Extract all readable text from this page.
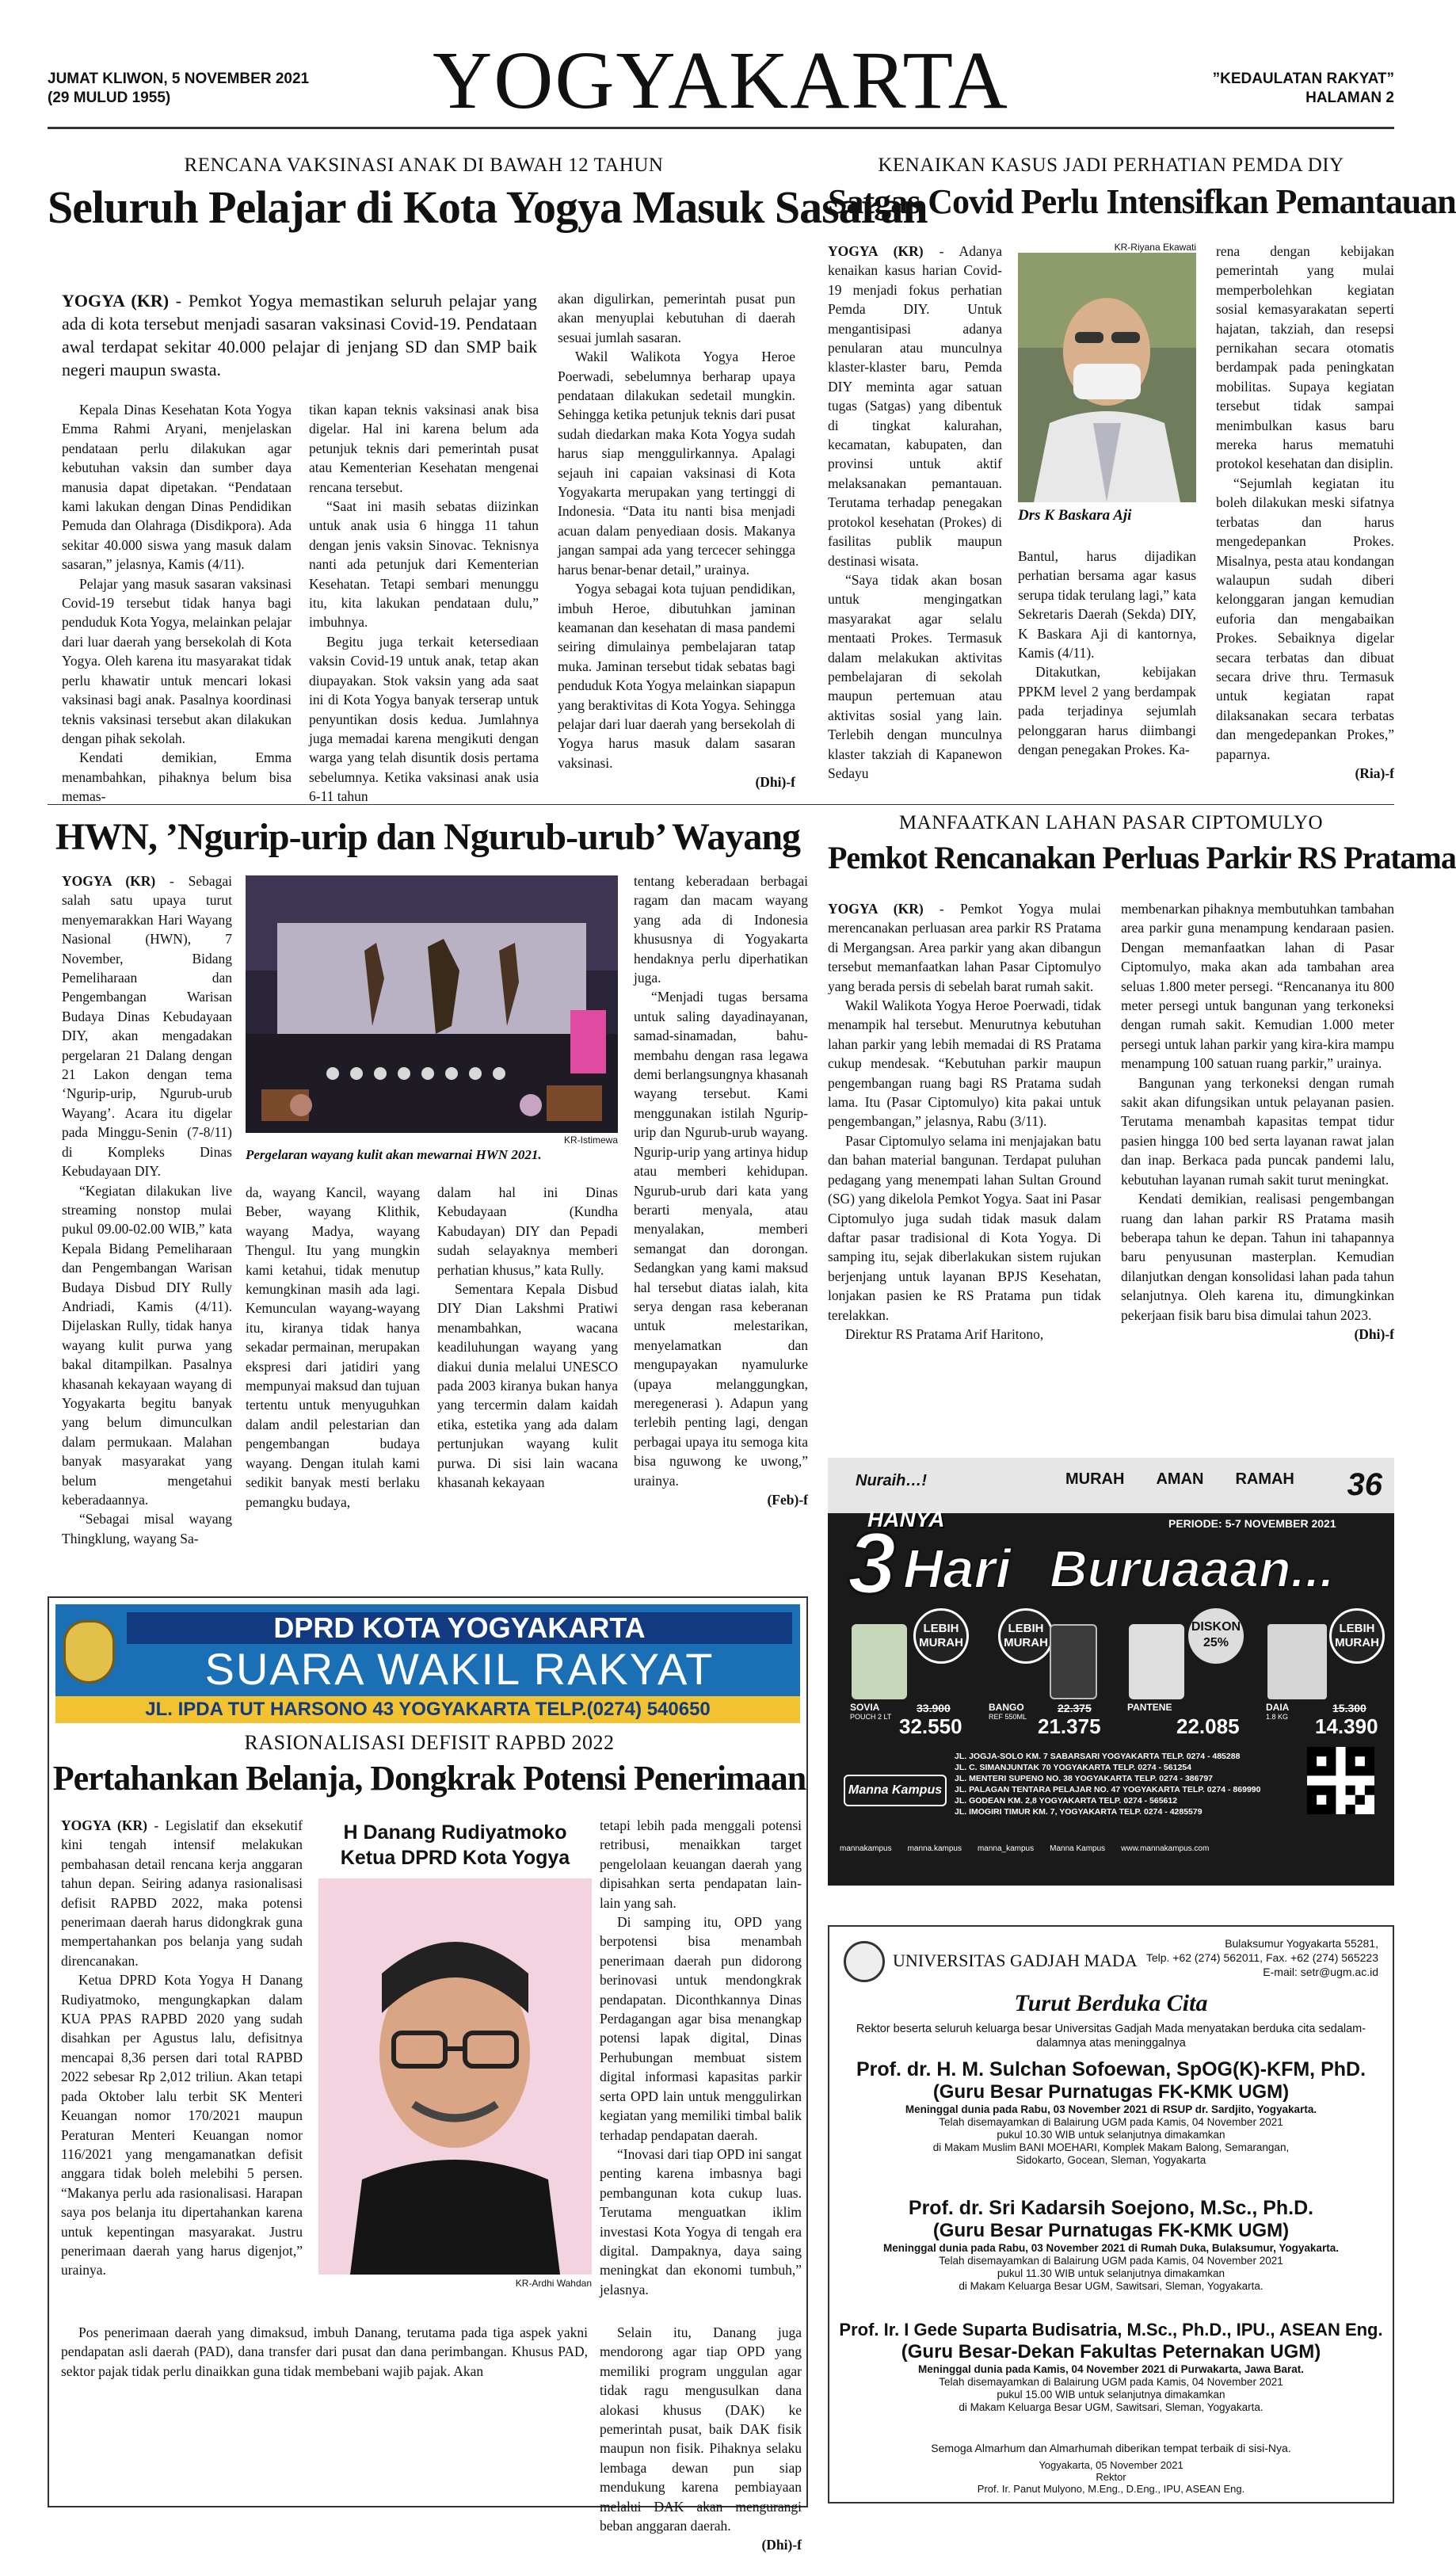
JUMAT KLIWON, 5 NOVEMBER 2021
(29 MULUD 1955)	YOGYAKARTA	”KEDAULATAN RAKYAT”
HALAMAN 2
RENCANA VAKSINASI ANAK DI BAWAH 12 TAHUN
Seluruh Pelajar di Kota Yogya Masuk Sasaran
YOGYA (KR) - Pemkot Yogya memastikan seluruh pelajar yang ada di kota tersebut menjadi sasaran vaksinasi Covid-19. Pendataan awal terdapat sekitar 40.000 pelajar di jenjang SD dan SMP baik negeri maupun swasta.

Kepala Dinas Kesehatan Kota Yogya Emma Rahmi Aryani, menjelaskan pendataan perlu dilakukan agar kebutuhan vaksin dan sumber daya manusia dapat dipetakan. “Pendataan kami lakukan dengan Dinas Pendidikan Pemuda dan Olahraga (Disdikpora). Ada sekitar 40.000 siswa yang masuk dalam sasaran,” jelasnya, Kamis (4/11).

Pelajar yang masuk sasaran vaksinasi Covid-19 tersebut tidak hanya bagi penduduk Kota Yogya, melainkan pelajar dari luar daerah yang bersekolah di Kota Yogya. Oleh karena itu masyarakat tidak perlu khawatir untuk mencari lokasi vaksinasi bagi anak. Pasalnya koordinasi teknis vaksinasi tersebut akan dilakukan dengan pihak sekolah.

Kendati demikian, Emma menambahkan, pihaknya belum bisa memas-

tikan kapan teknis vaksinasi anak bisa digelar. Hal ini karena belum ada petunjuk teknis dari pemerintah pusat atau Kementerian Kesehatan mengenai rencana tersebut.

“Saat ini masih sebatas diizinkan untuk anak usia 6 hingga 11 tahun dengan jenis vaksin Sinovac. Teknisnya nanti ada petunjuk dari Kementerian Kesehatan. Tetapi sembari menunggu itu, kita lakukan pendataan dulu,” imbuhnya.

Begitu juga terkait ketersediaan vaksin Covid-19 untuk anak, tetap akan diupayakan. Stok vaksin yang ada saat ini di Kota Yogya banyak terserap untuk penyuntikan dosis kedua. Jumlahnya juga memadai karena mengikuti dengan warga yang telah disuntik dosis pertama sebelumnya. Ketika vaksinasi anak usia 6-11 tahun

akan digulirkan, pemerintah pusat pun akan menyuplai kebutuhan di daerah sesuai jumlah sasaran.

Wakil Walikota Yogya Heroe Poerwadi, sebelumnya berharap upaya pendataan dilakukan sedetail mungkin. Sehingga ketika petunjuk teknis dari pusat sudah diedarkan maka Kota Yogya sudah harus siap menggulirkannya. Apalagi sejauh ini capaian vaksinasi di Kota Yogyakarta merupakan yang tertinggi di Indonesia. “Data itu nanti bisa menjadi acuan dalam penyediaan dosis. Makanya jangan sampai ada yang tercecer sehingga harus benar-benar detail,” urainya.

Yogya sebagai kota tujuan pendidikan, imbuh Heroe, dibutuhkan jaminan keamanan dan kesehatan di masa pandemi seiring dimulainya pembelajaran tatap muka. Jaminan tersebut tidak sebatas bagi penduduk Kota Yogya melainkan siapapun yang beraktivitas di Kota Yogya. Sehingga pelajar dari luar daerah yang bersekolah di Yogya harus masuk dalam sasaran vaksinasi.

(Dhi)-f
KENAIKAN KASUS JADI PERHATIAN PEMDA DIY
Satgas Covid Perlu Intensifkan Pemantauan

YOGYA (KR) - Adanya kenaikan kasus harian Covid-19 menjadi fokus perhatian Pemda DIY. Untuk mengantisipasi adanya penularan atau munculnya klaster-klaster baru, Pemda DIY meminta agar satuan tugas (Satgas) yang dibentuk di tingkat kalurahan, kecamatan, kabupaten, dan provinsi untuk aktif melaksanakan pemantauan. Terutama terhadap penegakan protokol kesehatan (Prokes) di fasilitas publik maupun destinasi wisata.

“Saya tidak akan bosan untuk mengingatkan masyarakat agar selalu mentaati Prokes. Termasuk dalam melakukan aktivitas pembelajaran di sekolah maupun pertemuan atau aktivitas sosial yang lain. Terlebih dengan munculnya klaster takziah di Kapanewon Sedayu

KR-Riyana Ekawati
Drs K Baskara Aji

Bantul, harus dijadikan perhatian bersama agar kasus serupa tidak terulang lagi,” kata Sekretaris Daerah (Sekda) DIY, K Baskara Aji di kantornya, Kamis (4/11).

Ditakutkan, kebijakan PPKM level 2 yang berdampak pada terjadinya sejumlah pelonggaran harus diimbangi dengan penegakan Prokes. Ka-

rena dengan kebijakan pemerintah yang mulai memperbolehkan kegiatan sosial kemasyarakatan seperti hajatan, takziah, dan resepsi pernikahan secara otomatis berdampak pada peningkatan mobilitas. Supaya kegiatan tersebut tidak sampai menimbulkan kasus baru mereka harus mematuhi protokol kesehatan dan disiplin.

“Sejumlah kegiatan itu boleh dilakukan meski sifatnya terbatas dan harus mengedepankan Prokes. Misalnya, pesta atau kondangan walaupun sudah diberi kelonggaran jangan kemudian euforia dan mengabaikan Prokes. Sebaiknya digelar secara terbatas dan dibuat secara drive thru. Termasuk untuk kegiatan rapat dilaksanakan secara terbatas dan mengedepankan Prokes,” paparnya.

(Ria)-f
HWN, ’Ngurip-urip dan Ngurub-urub’ Wayang

YOGYA (KR) - Sebagai salah satu upaya turut menyemarakkan Hari Wayang Nasional (HWN), 7 November, Bidang Pemeliharaan dan Pengembangan Warisan Budaya Dinas Kebudayaan DIY, akan mengadakan pergelaran 21 Dalang dengan 21 Lakon dengan tema ‘Ngurip-urip, Ngurub-urub Wayang’. Acara itu digelar pada Minggu-Senin (7-8/11) di Kompleks Dinas Kebudayaan DIY.

“Kegiatan dilakukan live streaming nonstop mulai pukul 09.00-02.00 WIB,” kata Kepala Bidang Pemeliharaan dan Pengembangan Warisan Budaya Disbud DIY Rully Andriadi, Kamis (4/11). Dijelaskan Rully, tidak hanya wayang kulit purwa yang bakal ditampilkan. Pasalnya khasanah kekayaan wayang di Yogyakarta begitu banyak yang belum dimunculkan dalam permukaan. Malahan banyak masyarakat yang belum mengetahui keberadaannya.

“Sebagai misal wayang Thingklung, wayang Sa-

KR-Istimewa
Pergelaran wayang kulit akan mewarnai HWN 2021.

da, wayang Kancil, wayang Beber, wayang Klithik, wayang Madya, wayang Thengul. Itu yang mungkin kami ketahui, tidak menutup kemungkinan masih ada lagi. Kemunculan wayang-wayang itu, kiranya tidak hanya sekadar permainan, merupakan ekspresi dari jatidiri yang mempunyai maksud dan tujuan tertentu untuk menyuguhkan dalam andil pelestarian dan pengembangan budaya wayang. Dengan itulah kami sedikit banyak mesti berlaku pemangku budaya,

dalam hal ini Dinas Kebudayaan (Kundha Kabudayan) DIY dan Pepadi sudah selayaknya memberi perhatian khusus,” kata Rully.

Sementara Kepala Disbud DIY Dian Lakshmi Pratiwi menambahkan, wacana keadiluhungan wayang yang diakui dunia melalui UNESCO pada 2003 kiranya bukan hanya yang tercermin dalam kaidah etika, estetika yang ada dalam pertunjukan wayang kulit purwa. Di sisi lain wacana khasanah kekayaan

tentang keberadaan berbagai ragam dan macam wayang yang ada di Indonesia khususnya di Yogyakarta hendaknya perlu diperhatikan juga.

“Menjadi tugas bersama untuk saling dayadinayanan, samad-sinamadan, bahu-membahu dengan rasa legawa demi berlangsungnya khasanah wayang tersebut. Kami menggunakan istilah Ngurip-urip dan Ngurub-urub wayang. Ngurip-urip yang artinya hidup atau memberi kehidupan. Ngurub-urub dari kata yang berarti menyala, atau menyalakan, memberi semangat dan dorongan. Sedangkan yang kami maksud hal tersebut diatas ialah, kita serya dengan rasa keberanan untuk melestarikan, menyelamatkan dan mengupayakan nyamulurke (upaya melanggungkan, meregenerasi ). Adapun yang terlebih penting lagi, dengan perbagai upaya itu semoga kita bisa nguwong ke uwong,” urainya.

(Feb)-f
MANFAATKAN LAHAN PASAR CIPTOMULYO
Pemkot Rencanakan Perluas Parkir RS Pratama

YOGYA (KR) - Pemkot Yogya mulai merencanakan perluasan area parkir RS Pratama di Mergangsan. Area parkir yang akan dibangun tersebut memanfaatkan lahan Pasar Ciptomulyo yang berada persis di sebelah barat rumah sakit.

Wakil Walikota Yogya Heroe Poerwadi, tidak menampik hal tersebut. Menurutnya kebutuhan lahan parkir yang lebih memadai di RS Pratama cukup mendesak. “Kebutuhan parkir maupun pengembangan ruang bagi RS Pratama sudah lama. Itu (Pasar Ciptomulyo) kita pakai untuk pengembangan,” jelasnya, Rabu (3/11).

Pasar Ciptomulyo selama ini menjajakan batu dan bahan material bangunan. Terdapat puluhan pedagang yang menempati lahan Sultan Ground (SG) yang dikelola Pemkot Yogya. Saat ini Pasar Ciptomulyo juga sudah tidak masuk dalam daftar pasar tradisional di Kota Yogya. Di samping itu, sejak diberlakukan sistem rujukan berjenjang untuk layanan BPJS Kesehatan, lonjakan pasien ke RS Pratama pun tidak terelakkan.

Direktur RS Pratama Arif Haritono,

membenarkan pihaknya membutuhkan tambahan area parkir guna menampung kendaraan pasien. Dengan memanfaatkan lahan di Pasar Ciptomulyo, maka akan ada tambahan area seluas 1.800 meter persegi. “Rencananya itu 800 meter persegi untuk bangunan yang terkoneksi dengan rumah sakit. Kemudian 1.000 meter persegi untuk lahan parkir yang kira-kira mampu menampung 100 satuan ruang parkir,” urainya.

Bangunan yang terkoneksi dengan rumah sakit akan difungsikan untuk pelayanan pasien. Terutama menambah kapasitas tempat tidur pasien hingga 100 bed serta layanan rawat jalan dan inap. Berkaca pada puncak pandemi lalu, kebutuhan layanan rumah sakit turut meningkat.

Kendati demikian, realisasi pengembangan ruang dan lahan parkir RS Pratama masih beberapa tahun ke depan. Tahun ini tahapannya baru penyusunan masterplan. Kemudian dilanjutkan dengan konsolidasi lahan pada tahun selanjutnya. Oleh karena itu, dimungkinkan pekerjaan fisik baru bisa dimulai tahun 2023.

(Dhi)-f
Nuraih…!	MURAH AMAN RAMAH 36
HANYA
3 Hari Buruaaan...
PERIODE: 5-7 NOVEMBER 2021
LEBIH MURAH
SOVIA
POUCH 2 LT
33.900
32.550
LEBIH MURAH
BANGO
REF 550ML
22.375
21.375
DISKON 25%
PANTENE
22.085
LEBIH MURAH
DAIA
1.8 KG
15.300
14.390
Manna Kampus
JL. JOGJA-SOLO KM. 7 SABARSARI YOGYAKARTA TELP. 0274 - 485288
JL. C. SIMANJUNTAK 70 YOGYAKARTA TELP. 0274 - 561254
JL. MENTERI SUPENO NO. 38 YOGYAKARTA TELP. 0274 - 386797
JL. PALAGAN TENTARA PELAJAR NO. 47 YOGYAKARTA TELP. 0274 - 869990
JL. GODEAN KM. 2,8 YOGYAKARTA TELP. 0274 - 565612
JL. IMOGIRI TIMUR KM. 7, YOGYAKARTA TELP. 0274 - 4285579
mannakampus manna.kampus manna_kampus Manna Kampus www.mannakampus.com
DPRD KOTA YOGYAKARTA
SUARA WAKIL RAKYAT
JL. IPDA TUT HARSONO 43 YOGYAKARTA TELP.(0274) 540650
RASIONALISASI DEFISIT RAPBD 2022
Pertahankan Belanja, Dongkrak Potensi Penerimaan

YOGYA (KR) - Legislatif dan eksekutif kini tengah intensif melakukan pembahasan detail rencana kerja anggaran tahun depan. Seiring adanya rasionalisasi defisit RAPBD 2022, maka potensi penerimaan daerah harus didongkrak guna mempertahankan pos belanja yang sudah direncanakan.

Ketua DPRD Kota Yogya H Danang Rudiyatmoko, mengungkapkan dalam KUA PPAS RAPBD 2020 yang sudah disahkan per Agustus lalu, defisitnya mencapai 8,36 persen dari total RAPBD 2022 sebesar Rp 2,012 triliun. Akan tetapi pada Oktober lalu terbit SK Menteri Keuangan nomor 170/2021 maupun Peraturan Menteri Keuangan nomor 116/2021 yang mengamanatkan defisit anggara tidak boleh melebihi 5 persen. “Makanya perlu ada rasionalisasi. Harapan saya pos belanja itu dipertahankan karena untuk kepentingan masyarakat. Justru penerimaan daerah yang harus digenjot,” urainya.

Pos penerimaan daerah yang dimaksud, imbuh Danang, terutama pada tiga aspek yakni pendapatan asli daerah (PAD), dana transfer dari pusat dan dana perimbangan. Khusus PAD, sektor pajak tidak perlu dinaikkan guna tidak membebani wajib pajak. Akan

H Danang Rudiyatmoko
Ketua DPRD Kota Yogya
KR-Ardhi Wahdan

tetapi lebih pada menggali potensi retribusi, menaikkan target pengelolaan keuangan daerah yang dipisahkan serta pendapatan lain-lain yang sah.

Di samping itu, OPD yang berpotensi bisa menambah penerimaan daerah pun didorong berinovasi untuk mendongkrak pendapatan. Diconthkannya Dinas Perdagangan agar bisa menangkap potensi lapak digital, Dinas Perhubungan membuat sistem digital informasi kapasitas parkir serta OPD lain untuk menggulirkan kegiatan yang memiliki timbal balik terhadap pendapatan daerah.

“Inovasi dari tiap OPD ini sangat penting karena imbasnya bagi pembangunan kota cukup luas. Terutama menguatkan iklim investasi Kota Yogya di tengah era digital. Dampaknya, daya saing meningkat dan ekonomi tumbuh,” jelasnya.

Selain itu, Danang juga mendorong agar tiap OPD yang memiliki program unggulan agar tidak ragu mengusulkan dana alokasi khusus (DAK) ke pemerintah pusat, baik DAK fisik maupun non fisik. Pihaknya selaku lembaga dewan pun siap mendukung karena pembiayaan melalui DAK akan mengurangi beban anggaran daerah.

(Dhi)-f
UNIVERSITAS GADJAH MADA
Bulaksumur Yogyakarta 55281,
Telp. +62 (274) 562011, Fax. +62 (274) 565223
E-mail: setr@ugm.ac.id
Turut Berduka Cita
Rektor beserta seluruh keluarga besar Universitas Gadjah Mada menyatakan berduka cita sedalam-dalamnya atas meninggalnya
Prof. dr. H. M. Sulchan Sofoewan, SpOG(K)-KFM, PhD.
(Guru Besar Purnatugas FK-KMK UGM)
Meninggal dunia pada Rabu, 03 November 2021 di RSUP dr. Sardjito, Yogyakarta.
Telah disemayamkan di Balairung UGM pada Kamis, 04 November 2021
pukul 10.30 WIB untuk selanjutnya dimakamkan
di Makam Muslim BANI MOEHARI, Komplek Makam Balong, Semarangan,
Sidokarto, Gocean, Sleman, Yogyakarta
Prof. dr. Sri Kadarsih Soejono, M.Sc., Ph.D.
(Guru Besar Purnatugas FK-KMK UGM)
Meninggal dunia pada Rabu, 03 November 2021 di Rumah Duka, Bulaksumur, Yogyakarta.
Telah disemayamkan di Balairung UGM pada Kamis, 04 November 2021
pukul 11.30 WIB untuk selanjutnya dimakamkan
di Makam Keluarga Besar UGM, Sawitsari, Sleman, Yogyakarta.
Prof. Ir. I Gede Suparta Budisatria, M.Sc., Ph.D., IPU., ASEAN Eng.
(Guru Besar-Dekan Fakultas Peternakan UGM)
Meninggal dunia pada Kamis, 04 November 2021 di Purwakarta, Jawa Barat.
Telah disemayamkan di Balairung UGM pada Kamis, 04 November 2021
pukul 15.00 WIB untuk selanjutnya dimakamkan
di Makam Keluarga Besar UGM, Sawitsari, Sleman, Yogyakarta.
Semoga Almarhum dan Almarhumah diberikan tempat terbaik di sisi-Nya.
Yogyakarta, 05 November 2021
Rektor
Prof. Ir. Panut Mulyono, M.Eng., D.Eng., IPU, ASEAN Eng.
